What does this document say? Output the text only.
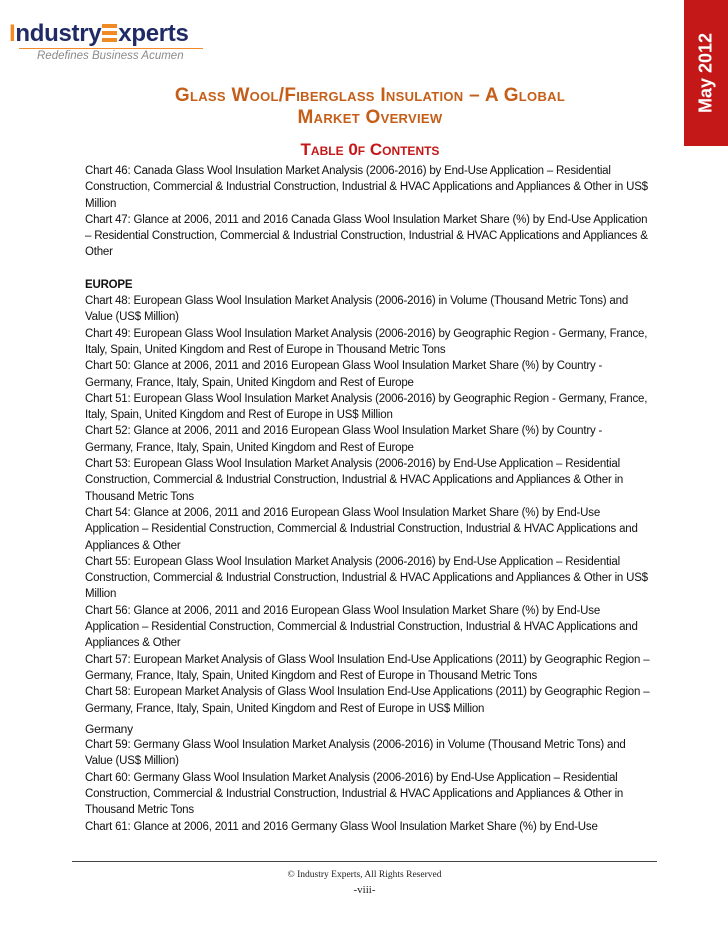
Industry xperts
Redefines Business Acumen	May 2012
Glass Wool/Fiberglass Insulation – A Global
Market Overview
Table 0f Contents

Chart 46: Canada Glass Wool Insulation Market Analysis (2006-2016) by End-Use Application – Residential Construction, Commercial & Industrial Construction, Industrial & HVAC Applications and Appliances & Other in US$ Million

Chart 47: Glance at 2006, 2011 and 2016 Canada Glass Wool Insulation Market Share (%) by End-Use Application – Residential Construction, Commercial & Industrial Construction, Industrial & HVAC Applications and Appliances & Other

EUROPE

Chart 48: European Glass Wool Insulation Market Analysis (2006-2016) in Volume (Thousand Metric Tons) and Value (US$ Million)

Chart 49: European Glass Wool Insulation Market Analysis (2006-2016) by Geographic Region - Germany, France, Italy, Spain, United Kingdom and Rest of Europe in Thousand Metric Tons

Chart 50: Glance at 2006, 2011 and 2016 European Glass Wool Insulation Market Share (%) by Country - Germany, France, Italy, Spain, United Kingdom and Rest of Europe

Chart 51: European Glass Wool Insulation Market Analysis (2006-2016) by Geographic Region - Germany, France, Italy, Spain, United Kingdom and Rest of Europe in US$ Million

Chart 52: Glance at 2006, 2011 and 2016 European Glass Wool Insulation Market Share (%) by Country - Germany, France, Italy, Spain, United Kingdom and Rest of Europe

Chart 53: European Glass Wool Insulation Market Analysis (2006-2016) by End-Use Application – Residential Construction, Commercial & Industrial Construction, Industrial & HVAC Applications and Appliances & Other in Thousand Metric Tons

Chart 54: Glance at 2006, 2011 and 2016 European Glass Wool Insulation Market Share (%) by End-Use Application – Residential Construction, Commercial & Industrial Construction, Industrial & HVAC Applications and Appliances & Other

Chart 55: European Glass Wool Insulation Market Analysis (2006-2016) by End-Use Application – Residential Construction, Commercial & Industrial Construction, Industrial & HVAC Applications and Appliances & Other in US$ Million

Chart 56: Glance at 2006, 2011 and 2016 European Glass Wool Insulation Market Share (%) by End-Use Application – Residential Construction, Commercial & Industrial Construction, Industrial & HVAC Applications and Appliances & Other

Chart 57: European Market Analysis of Glass Wool Insulation End-Use Applications (2011) by Geographic Region – Germany, France, Italy, Spain, United Kingdom and Rest of Europe in Thousand Metric Tons

Chart 58: European Market Analysis of Glass Wool Insulation End-Use Applications (2011) by Geographic Region – Germany, France, Italy, Spain, United Kingdom and Rest of Europe in US$ Million

Germany

Chart 59: Germany Glass Wool Insulation Market Analysis (2006-2016) in Volume (Thousand Metric Tons) and Value (US$ Million)

Chart 60: Germany Glass Wool Insulation Market Analysis (2006-2016) by End-Use Application – Residential Construction, Commercial & Industrial Construction, Industrial & HVAC Applications and Appliances & Other in Thousand Metric Tons

Chart 61: Glance at 2006, 2011 and 2016 Germany Glass Wool Insulation Market Share (%) by End-Use

© Industry Experts, All Rights Reserved
-viii-
